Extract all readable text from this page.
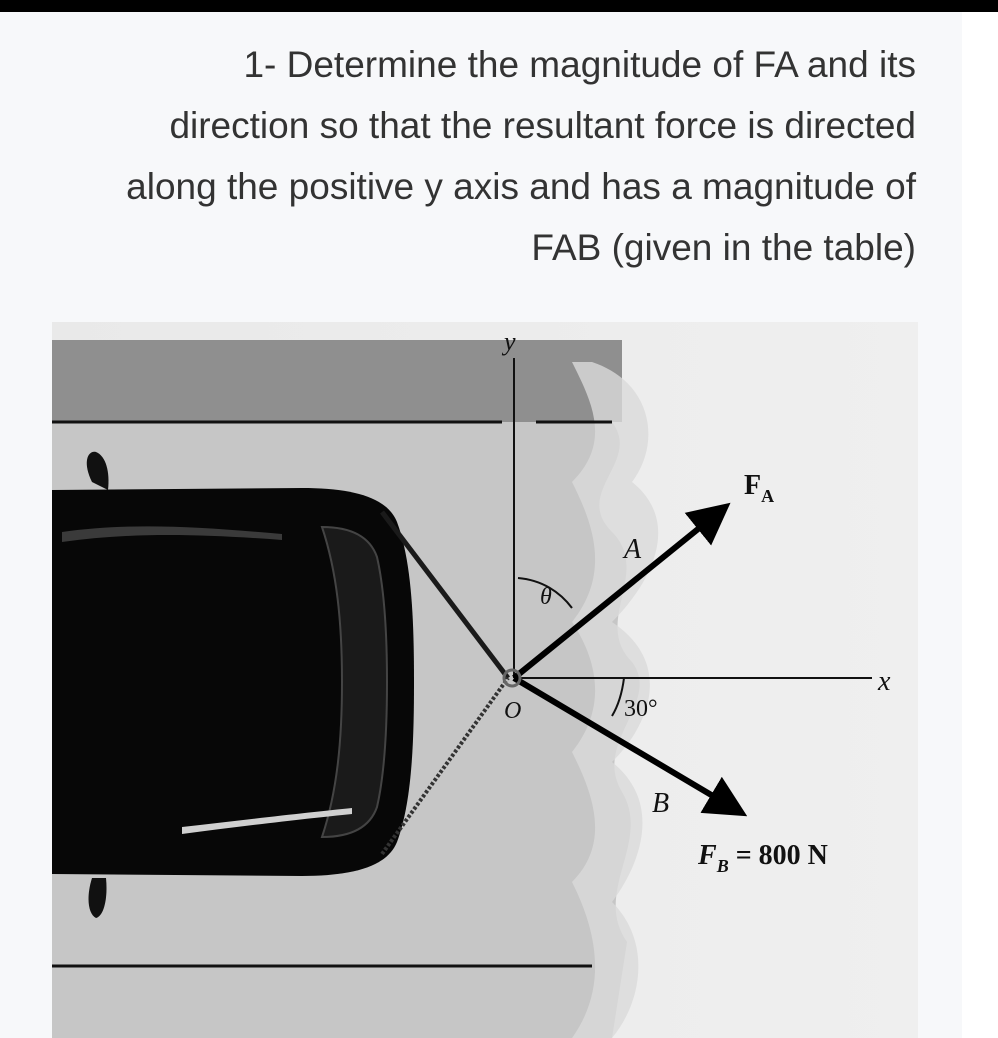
1- Determine the magnitude of FA and its
direction so that the resultant force is directed
along the positive y axis and has a magnitude of
FAB (given in the table)
y
x
A
B
O
θ
30°
$F_A$
$F_B = 800$ N
